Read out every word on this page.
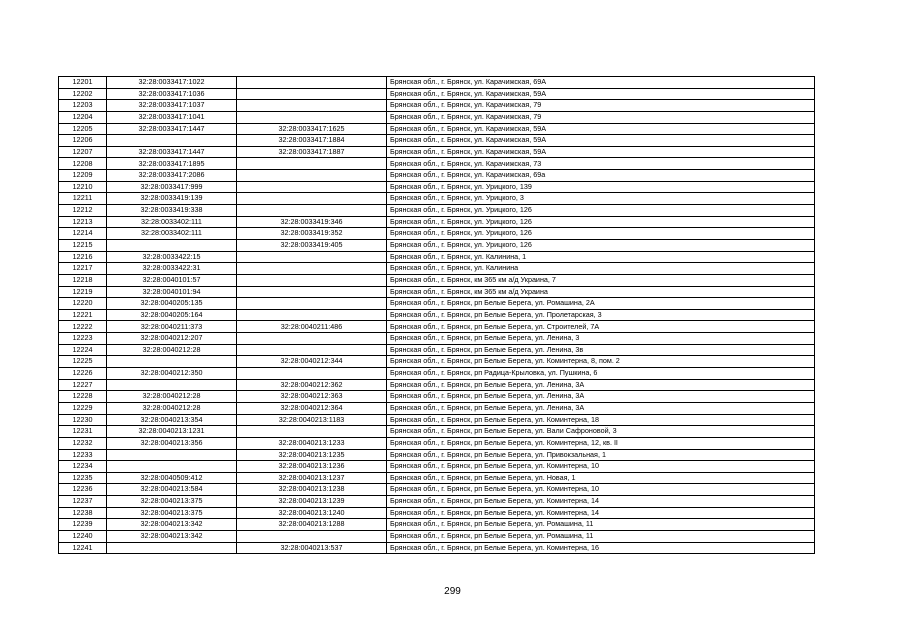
12201	32:28:0033417:1022		Брянская обл., г. Брянск, ул. Карачижская, 69А
12202	32:28:0033417:1036		Брянская обл., г. Брянск, ул. Карачижская, 59А
12203	32:28:0033417:1037		Брянская обл., г. Брянск, ул. Карачижская, 79
12204	32:28:0033417:1041		Брянская обл., г. Брянск, ул. Карачижская, 79
12205	32:28:0033417:1447	32:28:0033417:1625	Брянская обл., г. Брянск, ул. Карачижская, 59А
12206		32:28:0033417:1884	Брянская обл., г. Брянск, ул. Карачижская, 59А
12207	32:28:0033417:1447	32:28:0033417:1887	Брянская обл., г. Брянск, ул. Карачижская, 59А
12208	32:28:0033417:1895		Брянская обл., г. Брянск, ул. Карачижская, 73
12209	32:28:0033417:2086		Брянская обл., г. Брянск, ул. Карачижская, 69а
12210	32:28:0033417:999		Брянская обл., г. Брянск, ул. Урицкого, 139
12211	32:28:0033419:139		Брянская обл., г. Брянск, ул. Урицкого, 3
12212	32:28:0033419:338		Брянская обл., г. Брянск, ул. Урицкого, 126
12213	32:28:0033402:111	32:28:0033419:346	Брянская обл., г. Брянск, ул. Урицкого, 126
12214	32:28:0033402:111	32:28:0033419:352	Брянская обл., г. Брянск, ул. Урицкого, 126
12215		32:28:0033419:405	Брянская обл., г. Брянск, ул. Урицкого, 126
12216	32:28:0033422:15		Брянская обл., г. Брянск, ул. Калинина, 1
12217	32:28:0033422:31		Брянская обл., г. Брянск, ул. Калинина
12218	32:28:0040101:57		Брянская обл., г. Брянск, км 365 км а/д Украина, 7
12219	32:28:0040101:94		Брянская обл., г. Брянск, км 365 км а/д Украина
12220	32:28:0040205:135		Брянская обл., г. Брянск, рп Белые Берега, ул. Ромашина, 2А
12221	32:28:0040205:164		Брянская обл., г. Брянск, рп Белые Берега, ул. Пролетарская, 3
12222	32:28:0040211:373	32:28:0040211:486	Брянская обл., г. Брянск, рп Белые Берега, ул. Строителей, 7А
12223	32:28:0040212:207		Брянская обл., г. Брянск, рп Белые Берега, ул. Ленина, 3
12224	32:28:0040212:28		Брянская обл., г. Брянск, рп Белые Берега, ул. Ленина, 3в
12225		32:28:0040212:344	Брянская обл., г. Брянск, рп Белые Берега, ул. Коминтерна, 8, пом. 2
12226	32:28:0040212:350		Брянская обл., г. Брянск, рп Радица-Крыловка, ул. Пушкина, 6
12227		32:28:0040212:362	Брянская обл., г. Брянск, рп Белые Берега, ул. Ленина, 3А
12228	32:28:0040212:28	32:28:0040212:363	Брянская обл., г. Брянск, рп Белые Берега, ул. Ленина, 3А
12229	32:28:0040212:28	32:28:0040212:364	Брянская обл., г. Брянск, рп Белые Берега, ул. Ленина, 3А
12230	32:28:0040213:354	32:28:0040213:1183	Брянская обл., г. Брянск, рп Белые Берега, ул. Коминтерна, 18
12231	32:28:0040213:1231		Брянская обл., г. Брянск, рп Белые Берега, ул. Вали Сафроновой, 3
12232	32:28:0040213:356	32:28:0040213:1233	Брянская обл., г. Брянск, рп Белые Берега, ул. Коминтерна, 12, кв. II
12233		32:28:0040213:1235	Брянская обл., г. Брянск, рп Белые Берега, ул. Привокзальная, 1
12234		32:28:0040213:1236	Брянская обл., г. Брянск, рп Белые Берега, ул. Коминтерна, 10
12235	32:28:0040509:412	32:28:0040213:1237	Брянская обл., г. Брянск, рп Белые Берега, ул. Новая, 1
12236	32:28:0040213:584	32:28:0040213:1238	Брянская обл., г. Брянск, рп Белые Берега, ул. Коминтерна, 10
12237	32:28:0040213:375	32:28:0040213:1239	Брянская обл., г. Брянск, рп Белые Берега, ул. Коминтерна, 14
12238	32:28:0040213:375	32:28:0040213:1240	Брянская обл., г. Брянск, рп Белые Берега, ул. Коминтерна, 14
12239	32:28:0040213:342	32:28:0040213:1288	Брянская обл., г. Брянск, рп Белые Берега, ул. Ромашина, 11
12240	32:28:0040213:342		Брянская обл., г. Брянск, рп Белые Берега, ул. Ромашина, 11
12241		32:28:0040213:537	Брянская обл., г. Брянск, рп Белые Берега, ул. Коминтерна, 16
299
